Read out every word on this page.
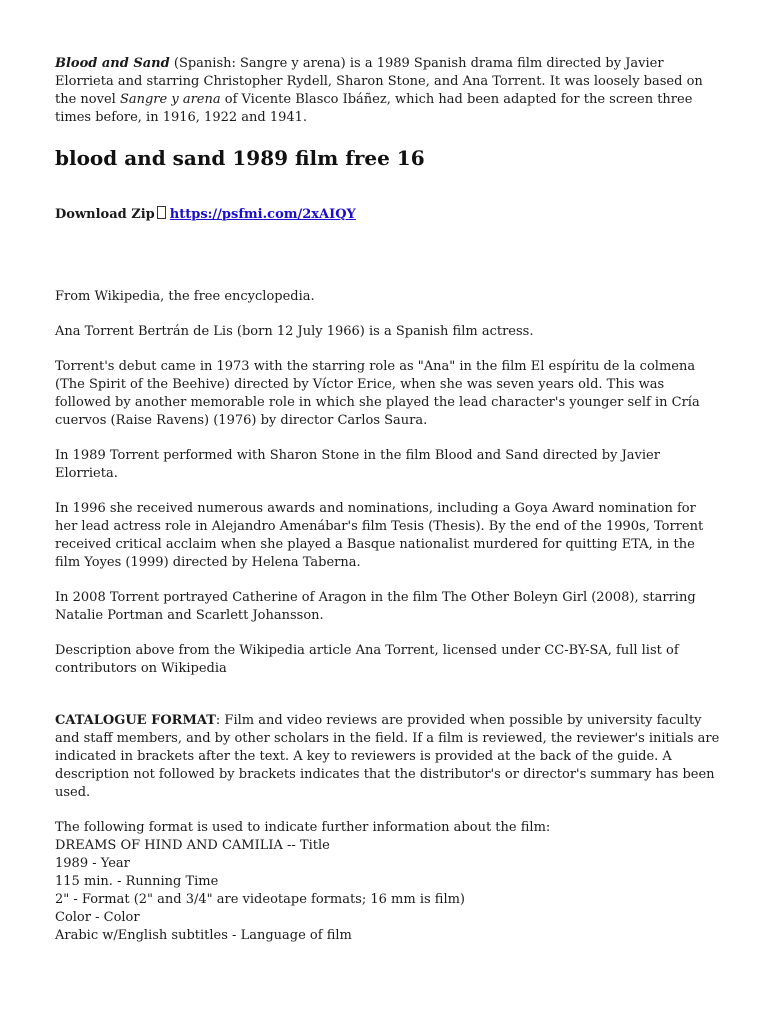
Blood and Sand (Spanish: Sangre y arena) is a 1989 Spanish drama film directed by Javier Elorrieta and starring Christopher Rydell, Sharon Stone, and Ana Torrent. It was loosely based on the novel Sangre y arena of Vicente Blasco Ibáñez, which had been adapted for the screen three times before, in 1916, 1922 and 1941.

blood and sand 1989 film free 16

Download Zip https://psfmi.com/2xAIQY

From Wikipedia, the free encyclopedia.

Ana Torrent Bertrán de Lis (born 12 July 1966) is a Spanish film actress.

Torrent's debut came in 1973 with the starring role as "Ana" in the film El espíritu de la colmena (The Spirit of the Beehive) directed by Víctor Erice, when she was seven years old. This was followed by another memorable role in which she played the lead character's younger self in Cría cuervos (Raise Ravens) (1976) by director Carlos Saura.

In 1989 Torrent performed with Sharon Stone in the film Blood and Sand directed by Javier Elorrieta.

In 1996 she received numerous awards and nominations, including a Goya Award nomination for her lead actress role in Alejandro Amenábar's film Tesis (Thesis). By the end of the 1990s, Torrent received critical acclaim when she played a Basque nationalist murdered for quitting ETA, in the film Yoyes (1999) directed by Helena Taberna.

In 2008 Torrent portrayed Catherine of Aragon in the film The Other Boleyn Girl (2008), starring Natalie Portman and Scarlett Johansson.

Description above from the Wikipedia article Ana Torrent, licensed under CC-BY-SA, full list of contributors on Wikipedia

CATALOGUE FORMAT: Film and video reviews are provided when possible by university faculty and staff members, and by other scholars in the field. If a film is reviewed, the reviewer's initials are indicated in brackets after the text. A key to reviewers is provided at the back of the guide. A description not followed by brackets indicates that the distributor's or director's summary has been used.

The following format is used to indicate further information about the film:
DREAMS OF HIND AND CAMILIA -- Title
1989 - Year
115 min. - Running Time
2" - Format (2" and 3/4" are videotape formats; 16 mm is film)
Color - Color
Arabic w/English subtitles - Language of film
